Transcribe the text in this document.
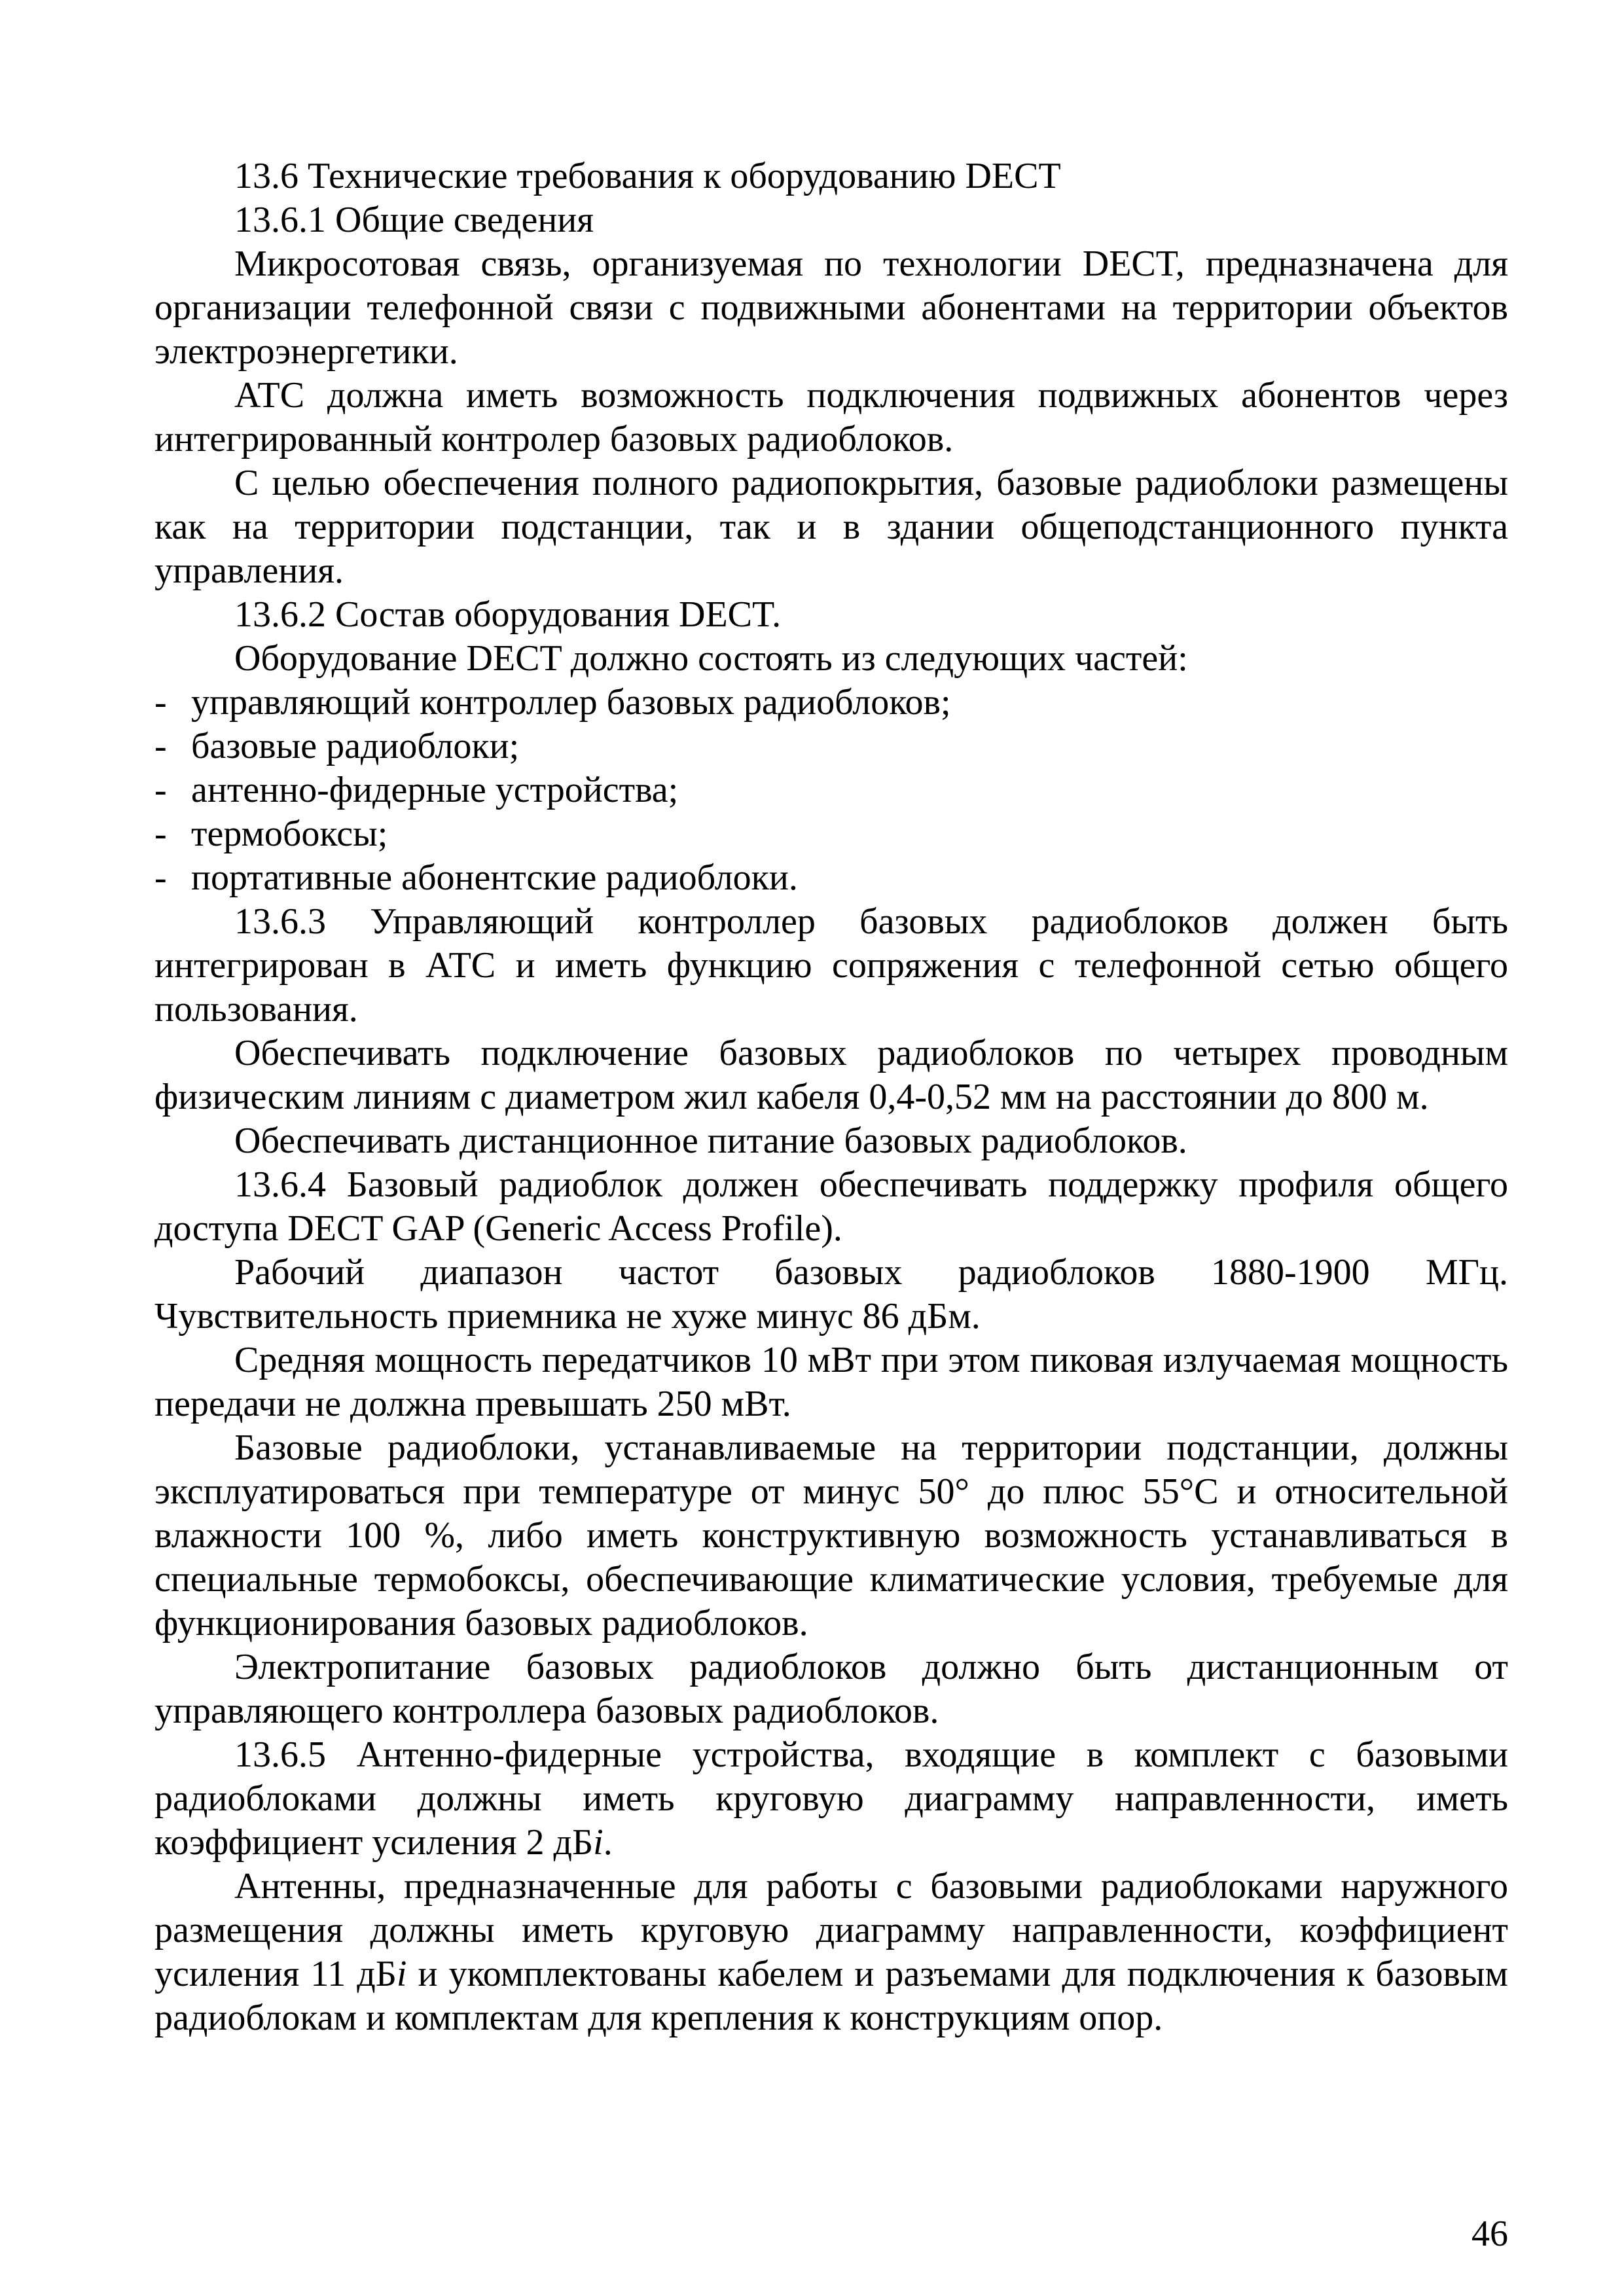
13.6 Технические требования к оборудованию DECT

13.6.1 Общие сведения

Микросотовая связь, организуемая по технологии DECT, предназначена для организации телефонной связи с подвижными абонентами на территории объектов электроэнергетики.

АТС должна иметь возможность подключения подвижных абонентов через интегрированный контролер базовых радиоблоков.

С целью обеспечения полного радиопокрытия, базовые радиоблоки размещены как на территории подстанции, так и в здании общеподстанционного пункта управления.

13.6.2 Состав оборудования DECT.

Оборудование DECT должно состоять из следующих частей:

- управляющий контроллер базовых радиоблоков;
- базовые радиоблоки;
- антенно-фидерные устройства;
- термобоксы;
- портативные абонентские радиоблоки.

13.6.3 Управляющий контроллер базовых радиоблоков должен быть интегрирован в АТС и иметь функцию сопряжения с телефонной сетью общего пользования.

Обеспечивать подключение базовых радиоблоков по четырех проводным физическим линиям с диаметром жил кабеля 0,4-0,52 мм на расстоянии до 800 м.

Обеспечивать дистанционное питание базовых радиоблоков.

13.6.4 Базовый радиоблок должен обеспечивать поддержку профиля общего доступа DECT GAP (Generic Access Profile).

Рабочий диапазон частот базовых радиоблоков 1880-1900 МГц. Чувствительность приемника не хуже минус 86 дБм.

Средняя мощность передатчиков 10 мВт при этом пиковая излучаемая мощность передачи не должна превышать 250 мВт.

Базовые радиоблоки, устанавливаемые на территории подстанции, должны эксплуатироваться при температуре от минус 50° до плюс 55°С и относительной влажности 100 %, либо иметь конструктивную возможность устанавливаться в специальные термобоксы, обеспечивающие климатические условия, требуемые для функционирования базовых радиоблоков.

Электропитание базовых радиоблоков должно быть дистанционным от управляющего контроллера базовых радиоблоков.

13.6.5 Антенно-фидерные устройства, входящие в комплект с базовыми радиоблоками должны иметь круговую диаграмму направленности, иметь коэффициент усиления 2 дБi.

Антенны, предназначенные для работы с базовыми радиоблоками наружного размещения должны иметь круговую диаграмму направленности, коэффициент усиления 11 дБi и укомплектованы кабелем и разъемами для подключения к базовым радиоблокам и комплектам для крепления к конструкциям опор.

46
